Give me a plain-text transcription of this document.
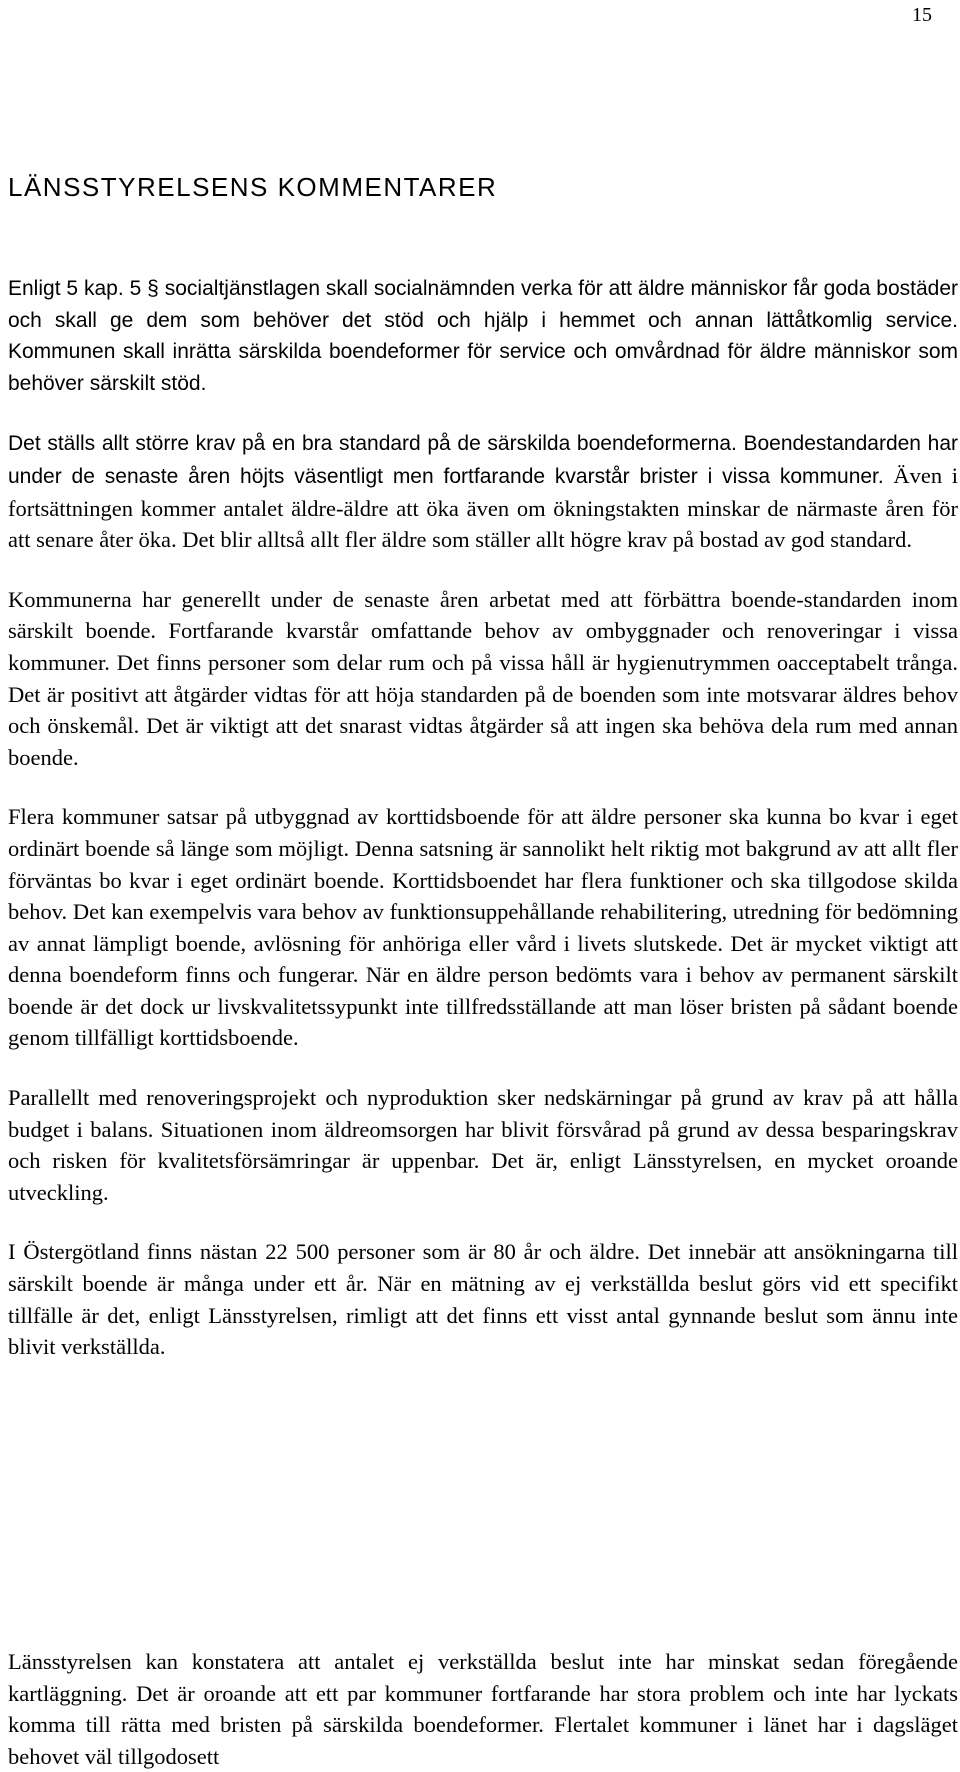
15
LÄNSSTYRELSENS KOMMENTARER

Enligt 5 kap. 5 § socialtjänstlagen skall socialnämnden verka för att äldre människor får goda bostäder och skall ge dem som behöver det stöd och hjälp i hemmet och annan lättåtkomlig service. Kommunen skall inrätta särskilda boendeformer för service och omvårdnad för äldre människor som behöver särskilt stöd.

Det ställs allt större krav på en bra standard på de särskilda boendeformerna. Boendestandarden har under de senaste åren höjts väsentligt men fortfarande kvarstår brister i vissa kommuner. Även i fortsättningen kommer antalet äldre-äldre att öka även om ökningstakten minskar de närmaste åren för att senare åter öka. Det blir alltså allt fler äldre som ställer allt högre krav på bostad av god standard.

Kommunerna har generellt under de senaste åren arbetat med att förbättra boende-standarden inom särskilt boende. Fortfarande kvarstår omfattande behov av ombyggnader och renoveringar i vissa kommuner. Det finns personer som delar rum och på vissa håll är hygienutrymmen oacceptabelt trånga. Det är positivt att åtgärder vidtas för att höja standarden på de boenden som inte motsvarar äldres behov och önskemål. Det är viktigt att det snarast vidtas åtgärder så att ingen ska behöva dela rum med annan boende.

Flera kommuner satsar på utbyggnad av korttidsboende för att äldre personer ska kunna bo kvar i eget ordinärt boende så länge som möjligt. Denna satsning är sannolikt helt riktig mot bakgrund av att allt fler förväntas bo kvar i eget ordinärt boende. Korttidsboendet har flera funktioner och ska tillgodose skilda behov. Det kan exempelvis vara behov av funktionsuppehållande rehabilitering, utredning för bedömning av annat lämpligt boende, avlösning för anhöriga eller vård i livets slutskede. Det är mycket viktigt att denna boendeform finns och fungerar. När en äldre person bedömts vara i behov av permanent särskilt boende är det dock ur livskvalitetssypunkt inte tillfredsställande att man löser bristen på sådant boende genom tillfälligt korttidsboende.

Parallellt med renoveringsprojekt och nyproduktion sker nedskärningar på grund av krav på att hålla budget i balans. Situationen inom äldreomsorgen har blivit försvårad på grund av dessa besparingskrav och risken för kvalitetsförsämringar är uppenbar. Det är, enligt Länsstyrelsen, en mycket oroande utveckling.

I Östergötland finns nästan 22 500 personer som är 80 år och äldre. Det innebär att ansökningarna till särskilt boende är många under ett år. När en mätning av ej verkställda beslut görs vid ett specifikt tillfälle är det, enligt Länsstyrelsen, rimligt att det finns ett visst antal gynnande beslut som ännu inte blivit verkställda.

Länsstyrelsen kan konstatera att antalet ej verkställda beslut inte har minskat sedan föregående kartläggning. Det är oroande att ett par kommuner fortfarande har stora problem och inte har lyckats komma till rätta med bristen på särskilda boendeformer. Flertalet kommuner i länet har i dagsläget behovet väl tillgodosett
